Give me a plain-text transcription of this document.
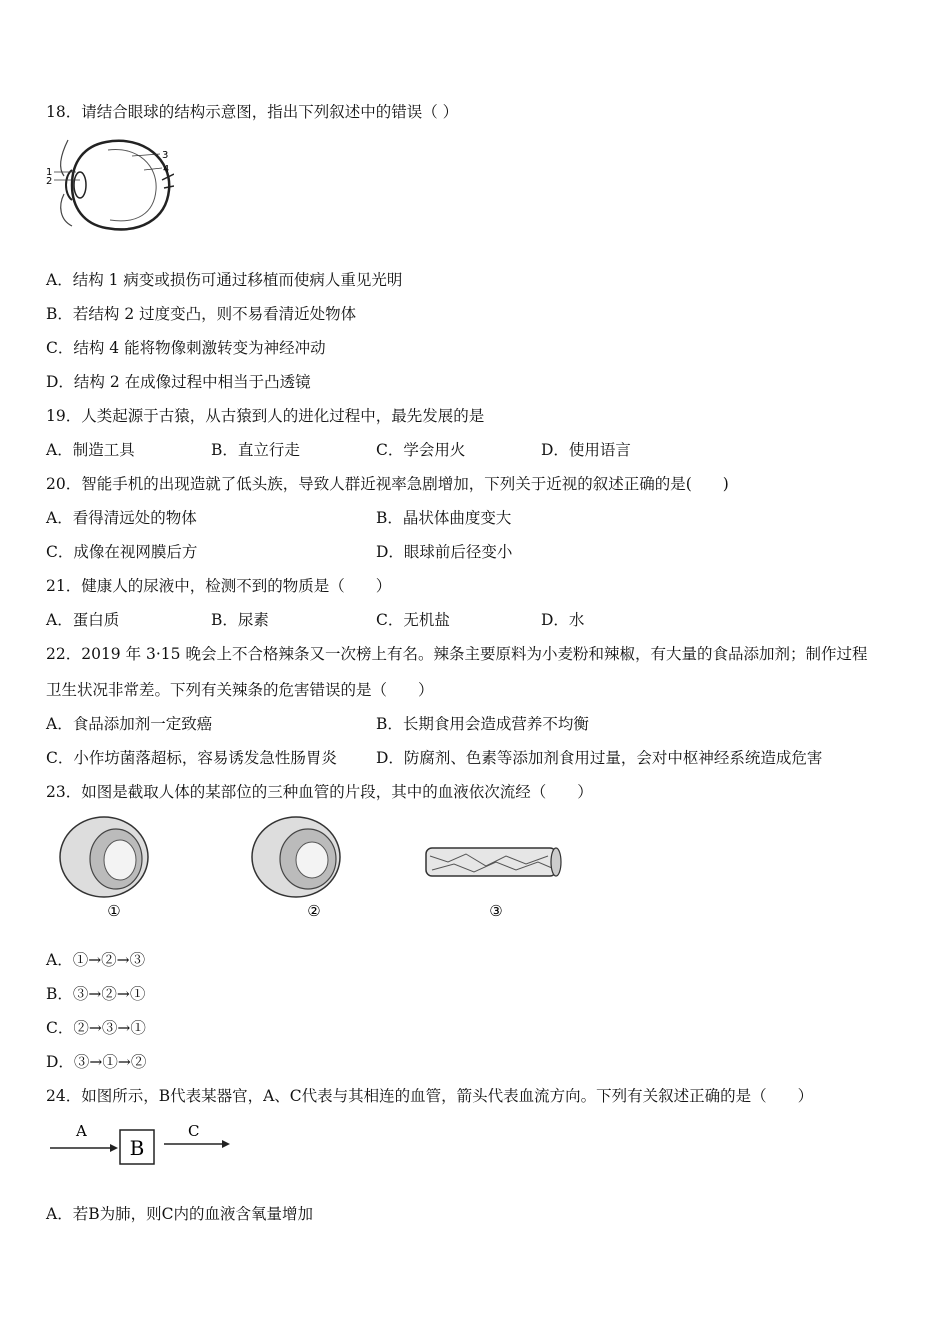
18．请结合眼球的结构示意图，指出下列叙述中的错误（ ）
1
2
3
4
A．结构 1 病变或损伤可通过移植而使病人重见光明
B．若结构 2 过度变凸，则不易看清近处物体
C．结构 4 能将物像刺激转变为神经冲动
D．结构 2 在成像过程中相当于凸透镜
19．人类起源于古猿，从古猿到人的进化过程中，最先发展的是
A．制造工具	B．直立行走	C．学会用火	D．使用语言
20．智能手机的出现造就了低头族，导致人群近视率急剧增加，下列关于近视的叙述正确的是(　　)
A．看得清远处的物体	B．晶状体曲度变大
C．成像在视网膜后方	D．眼球前后径变小
21．健康人的尿液中，检测不到的物质是（　　）
A．蛋白质	B．尿素	C．无机盐	D．水
22．2019 年 3·15 晚会上不合格辣条又一次榜上有名。辣条主要原料为小麦粉和辣椒，有大量的食品添加剂；制作过程
卫生状况非常差。下列有关辣条的危害错误的是（　　）
A．食品添加剂一定致癌	B．长期食用会造成营养不均衡
C．小作坊菌落超标，容易诱发急性肠胃炎	D．防腐剂、色素等添加剂食用过量，会对中枢神经系统造成危害
23．如图是截取人体的某部位的三种血管的片段，其中的血液依次流经（　　）
①	②	③
A．①→②→③
B．③→②→①
C．②→③→①
D．③→①→②
24．如图所示，B代表某器官，A、C代表与其相连的血管，箭头代表血流方向。下列有关叙述正确的是（　　）
A
B
C
A．若B为肺，则C内的血液含氧量增加
